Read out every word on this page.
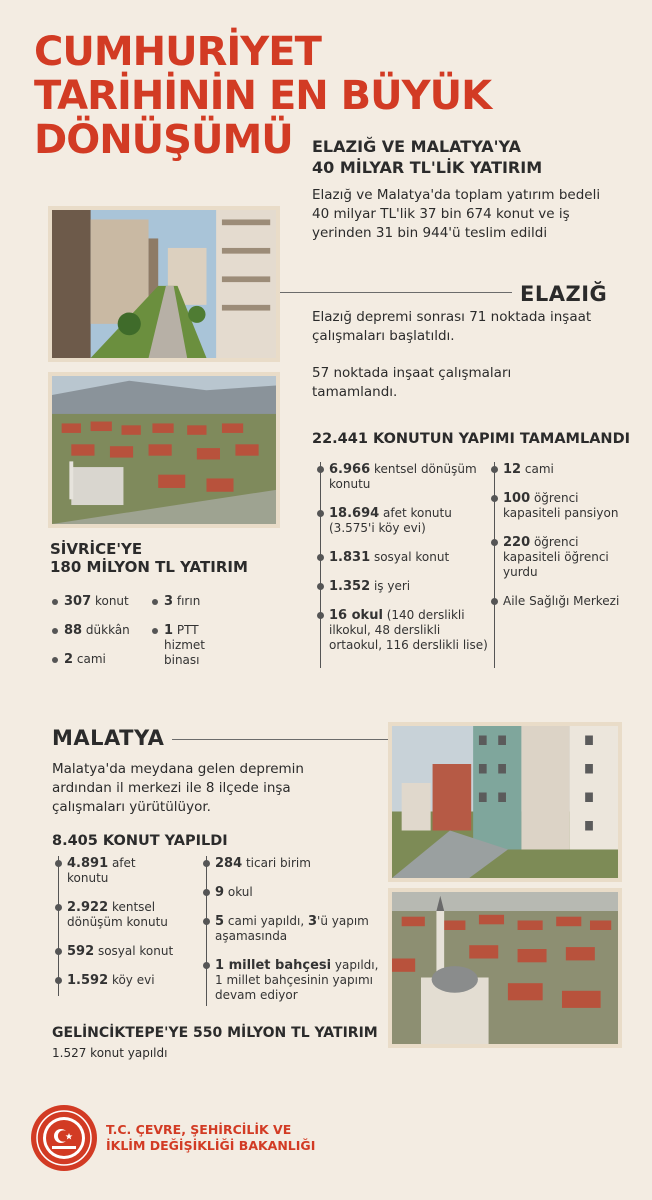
CUMHURİYET
TARİHİNİN EN BÜYÜK
DÖNÜŞÜMÜ	ELAZIĞ VE MALATYA'YA
40 MİLYAR TL'LİK YATIRIM
Elazığ ve Malatya'da toplam yatırım bedeli 40 milyar TL'lik 37 bin 674 konut ve iş yerinden 31 bin 944'ü teslim edildi
ELAZIĞ
Elazığ depremi sonrası 71 noktada inşaat çalışmaları başlatıldı.
57 noktada inşaat çalışmaları tamamlandı.
22.441 KONUTUN YAPIMI TAMAMLANDI
6.966 kentsel dönüşüm konutu
18.694 afet konutu (3.575'i köy evi)
1.831 sosyal konut
1.352 iş yeri
16 okul (140 derslikli ilkokul, 48 derslikli ortaokul, 116 derslikli lise)
12 cami
100 öğrenci kapasiteli pansiyon
220 öğrenci kapasiteli öğrenci yurdu
Aile Sağlığı Merkezi
SİVRİCE'YE
180 MİLYON TL YATIRIM
307 konut
88 dükkân
2 cami
3 fırın
1 PTT hizmet binası
MALATYA
Malatya'da meydana gelen depremin ardından il merkezi ile 8 ilçede inşa çalışmaları yürütülüyor.
8.405 KONUT YAPILDI
4.891 afet konutu
2.922 kentsel dönüşüm konutu
592 sosyal konut
1.592 köy evi
284 ticari birim
9 okul
5 cami yapıldı, 3'ü yapım aşamasında
1 millet bahçesi yapıldı, 1 millet bahçesinin yapımı devam ediyor
GELİNCİKTEPE'YE 550 MİLYON TL YATIRIM
1.527 konut yapıldı
T.C. ÇEVRE, ŞEHİRCİLİK VE
İKLİM DEĞİŞİKLİĞİ BAKANLIĞI
